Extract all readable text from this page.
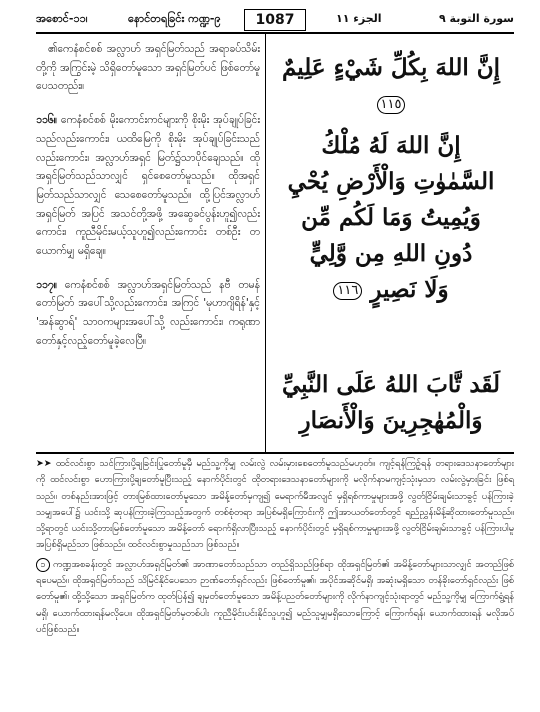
အစောင်-၁၁၊	နောင်တရခြင်း ကဏ္ဍ-၉	1087	الجزء ١١	سورة التوبة ٩

၏ကေနံစင်စစ် အလ္လာဟ် အရှင်မြတ်သည် အရာခပ်သိမ်းတို့ကို အကြွင်းမဲ့ သိရှိတော်မူသော အရှင်မြတ်ပင် ဖြစ်တော်မူပေသတည်း။

၁၁၆။ ကေနံစင်စစ် မိုးကောင်းကင်များကို စိုးမိုး အုပ်ချုပ်ခြင်းသည်လည်းကောင်း၊ ယထိမြေကို စိုးမိုး အုပ်ချုပ်ခြင်းသည်လည်းကောင်း၊ အလ္လာဟ်အရှင် မြတ်၌သာပိုင်ချေသည်။ ထိုအရှင်မြတ်သည်သာလျှင် ရှင်စေတော်မူသည်။ ထိုအရှင်မြတ်သည်သာလျှင် သေစေတော်မူသည်။ ထို့ပြင်အလ္လာဟ်အရှင်မြတ် အပြင် အသင်တို့အဖို့ အဆွေခင်ပွန်းဟူ၍လည်း ကောင်း၊ ကူညီမိုင်းမယ့်သူဟူ၍လည်းကောင်း တစ်ဦး တယောက်မျှ မရှိချေ။

၁၁၇။ ကေနံစင်စစ် အလ္လာဟ်အရှင်မြတ်သည် နဗီ တမန်တော်မြတ် အပေါ်သို့လည်းကောင်း၊ အကြင် 'မုဟာဂျိရိန်'နှင့် 'အန်ဆွာရ်' သာဝကများအပေါ်သို့ လည်းကောင်း၊ ကရုဏာတော်နှင့်လည့်တော်မူခဲ့လေပြီ။

إِنَّ اللهَ بِكُلِّ شَيْءٍ عَلِيمٌ ١١٥
إِنَّ اللهَ لَهُ مُلْكُ
السَّمٰوٰتِ وَالْأَرْضِ يُحْيِ
وَيُمِيتُ وَمَا لَكُم مِّن
دُونِ اللهِ مِن وَّلِيٍّ
وَلَا نَصِيرٍ ١١٦
لَقَد تَّابَ اللهُ عَلَى النَّبِيِّ
وَالْمُهٰجِرِينَ وَالْأَنصَارِ

➤➤ ထင်လင်းစွာ သင်ကြားပို့ချခြင်းပြုတော်မူမှီ မည်သူ့ကိုမျှ လမ်းလွဲ လမ်းမှားစေတော်မူသည်မဟုတ်။ ကျင့်ရန်ကြဉ့်ရန် တရားဒေသနာတော်များကို ထင်လင်းစွာ ဟောကြားပို့ချတော်မူပြီးသည့် နောက်ပိုင်းတွင် ထိုတရားဒေသနာတော်များကို မလိုက်နာမကျင့်သုံးမှသာ လမ်းလွဲမှားခြင်း ဖြစ်ရသည်။ တစ်နည်းအားဖြင့် တားမြစ်ထားတော်မူသော အမိန့်တော်မှကျ၍ မေရာက်မီအလျင် မှရှိရစ်ကာမှုများအဖို့ လွတ်ငြိမ်းချမ်းသာခွင့် ပန်ကြားခဲ့သမျှအပေါ်၌ ယင်းသို့ ဆုပန်ကြားခဲ့ကြသည့်အတွက် တစ်စုံတရာ အပြစ်မရှိကြောင်းကို ဤအာယတ်တော်တွင် ရည်ညွှန်းမိန့်ဆိုထားတော်မူသည်။ သို့ရာတွင် ယင်းသို့တားမြစ်တော်မူသော အမိန့်တော် ရောက်ရှိလာပြီးသည့် နောက်ပိုင်းတွင် မှရှိရစ်ကာမှုများအဖို့ လွတ်ငြိမ်းချမ်းသာခွင့် ပန်ကြားပါမူ အပြစ်ရှိမည်သာ ဖြစ်သည်။ ထင်လင်းစွာမှုသည်သာ ဖြစ်သည်။

၁ ကဏ္ဍအစခန်းတွင် အလ္လာဟ်အရှင်မြတ်၏ အာဏာတော်သည်သာ တည်ရှိသည်ဖြစ်ရာ ထိုအရှင်မြတ်၏ အမိန့်တော်များသာလျှင် အတည်ဖြစ်ရပေမည်။ ထိုအရှင်မြတ်သည် သိမြင်နိုင်ပေသော ဉာဏ်တော်ရှင်လည်း ဖြစ်တော်မူ၏၊ အပိုင်အဆိုင်မရှိ၊ အဆုံးမရှိသော တန်ခိုးတော်ရှင်လည်း ဖြစ်တော်မူ၏၊ ထို့သို့သော အရှင်မြတ်က ထုတ်ပြန်၍ ချမှတ်တော်မူသော အမိန့်ပညတ်တော်များကို လိုက်နာကျင့်သုံးရာတွင် မည်သူ့ကိုမျှ ကြောက်ရွံ့ရန်မရှိ၊ ယောက်ထားရန်မလိုပေ။ ထိုအရှင်မြတ်မှတစ်ပါး ကူညီမိုင်းပင်းနိုင်သူဟူ၍ မည်သူမျှမရှိသောကြောင့် ကြောက်ရန်၊ ယောက်ထားရန် မလိုအပ်ပင်ဖြစ်သည်။
